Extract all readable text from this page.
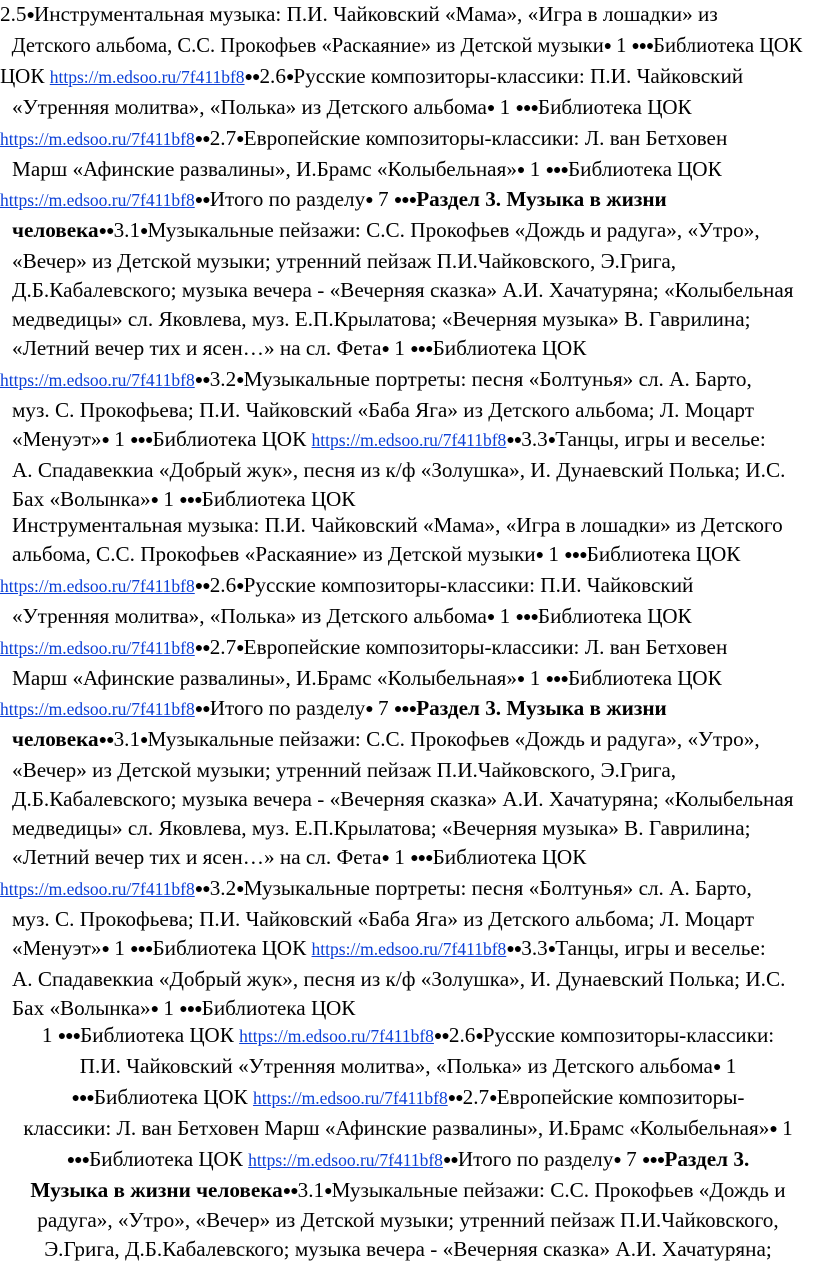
2.5●Инструментальная музыка: П.И. Чайковский «Мама», «Игра в лошадки» из
Детского альбома, С.С. Прокофьев «Раскаяние» из Детской музыки● 1 ●●●Библиотека ЦОК
ЦОК https://m.edsoo.ru/7f411bf8●●2.6●Русские композиторы-классики: П.И. Чайковский
«Утренняя молитва», «Полька» из Детского альбома● 1 ●●●Библиотека ЦОК
https://m.edsoo.ru/7f411bf8●●2.7●Европейские композиторы-классики: Л. ван Бетховен
Марш «Афинские развалины», И.Брамс «Колыбельная»● 1 ●●●Библиотека ЦОК
https://m.edsoo.ru/7f411bf8●●Итого по разделу● 7 ●●●Раздел 3. Музыка в жизни
человека●●3.1●Музыкальные пейзажи: С.С. Прокофьев «Дождь и радуга», «Утро»,
«Вечер» из Детской музыки; утренний пейзаж П.И.Чайковского, Э.Грига,
Д.Б.Кабалевского; музыка вечера - «Вечерняя сказка» А.И. Хачатуряна; «Колыбельная
медведицы» сл. Яковлева, муз. Е.П.Крылатова; «Вечерняя музыка» В. Гаврилина;
«Летний вечер тих и ясен…» на сл. Фета● 1 ●●●Библиотека ЦОК
https://m.edsoo.ru/7f411bf8●●3.2●Музыкальные портреты: песня «Болтунья» сл. А. Барто,
муз. С. Прокофьева; П.И. Чайковский «Баба Яга» из Детского альбома; Л. Моцарт
«Менуэт»● 1 ●●●Библиотека ЦОК https://m.edsoo.ru/7f411bf8●●3.3●Танцы, игры и веселье:
А. Спадавеккиа «Добрый жук», песня из к/ф «Золушка», И. Дунаевский Полька; И.С.
Бах «Волынка»● 1 ●●●Библиотека ЦОК
Инструментальная музыка: П.И. Чайковский «Мама», «Игра в лошадки» из Детского
альбома, С.С. Прокофьев «Раскаяние» из Детской музыки● 1 ●●●Библиотека ЦОК
https://m.edsoo.ru/7f411bf8●●2.6●Русские композиторы-классики: П.И. Чайковский
«Утренняя молитва», «Полька» из Детского альбома● 1 ●●●Библиотека ЦОК
https://m.edsoo.ru/7f411bf8●●2.7●Европейские композиторы-классики: Л. ван Бетховен
Марш «Афинские развалины», И.Брамс «Колыбельная»● 1 ●●●Библиотека ЦОК
https://m.edsoo.ru/7f411bf8●●Итого по разделу● 7 ●●●Раздел 3. Музыка в жизни
человека●●3.1●Музыкальные пейзажи: С.С. Прокофьев «Дождь и радуга», «Утро»,
«Вечер» из Детской музыки; утренний пейзаж П.И.Чайковского, Э.Грига,
Д.Б.Кабалевского; музыка вечера - «Вечерняя сказка» А.И. Хачатуряна; «Колыбельная
медведицы» сл. Яковлева, муз. Е.П.Крылатова; «Вечерняя музыка» В. Гаврилина;
«Летний вечер тих и ясен…» на сл. Фета● 1 ●●●Библиотека ЦОК
https://m.edsoo.ru/7f411bf8●●3.2●Музыкальные портреты: песня «Болтунья» сл. А. Барто,
муз. С. Прокофьева; П.И. Чайковский «Баба Яга» из Детского альбома; Л. Моцарт
«Менуэт»● 1 ●●●Библиотека ЦОК https://m.edsoo.ru/7f411bf8●●3.3●Танцы, игры и веселье:
А. Спадавеккиа «Добрый жук», песня из к/ф «Золушка», И. Дунаевский Полька; И.С.
Бах «Волынка»● 1 ●●●Библиотека ЦОК
1 ●●●Библиотека ЦОК https://m.edsoo.ru/7f411bf8●●2.6●Русские композиторы-классики:
П.И. Чайковский «Утренняя молитва», «Полька» из Детского альбома● 1
●●●Библиотека ЦОК https://m.edsoo.ru/7f411bf8●●2.7●Европейские композиторы-
классики: Л. ван Бетховен Марш «Афинские развалины», И.Брамс «Колыбельная»● 1
●●●Библиотека ЦОК https://m.edsoo.ru/7f411bf8●●Итого по разделу● 7 ●●●Раздел 3.
Музыка в жизни человека●●3.1●Музыкальные пейзажи: С.С. Прокофьев «Дождь и
радуга», «Утро», «Вечер» из Детской музыки; утренний пейзаж П.И.Чайковского,
Э.Грига, Д.Б.Кабалевского; музыка вечера - «Вечерняя сказка» А.И. Хачатуряна;
